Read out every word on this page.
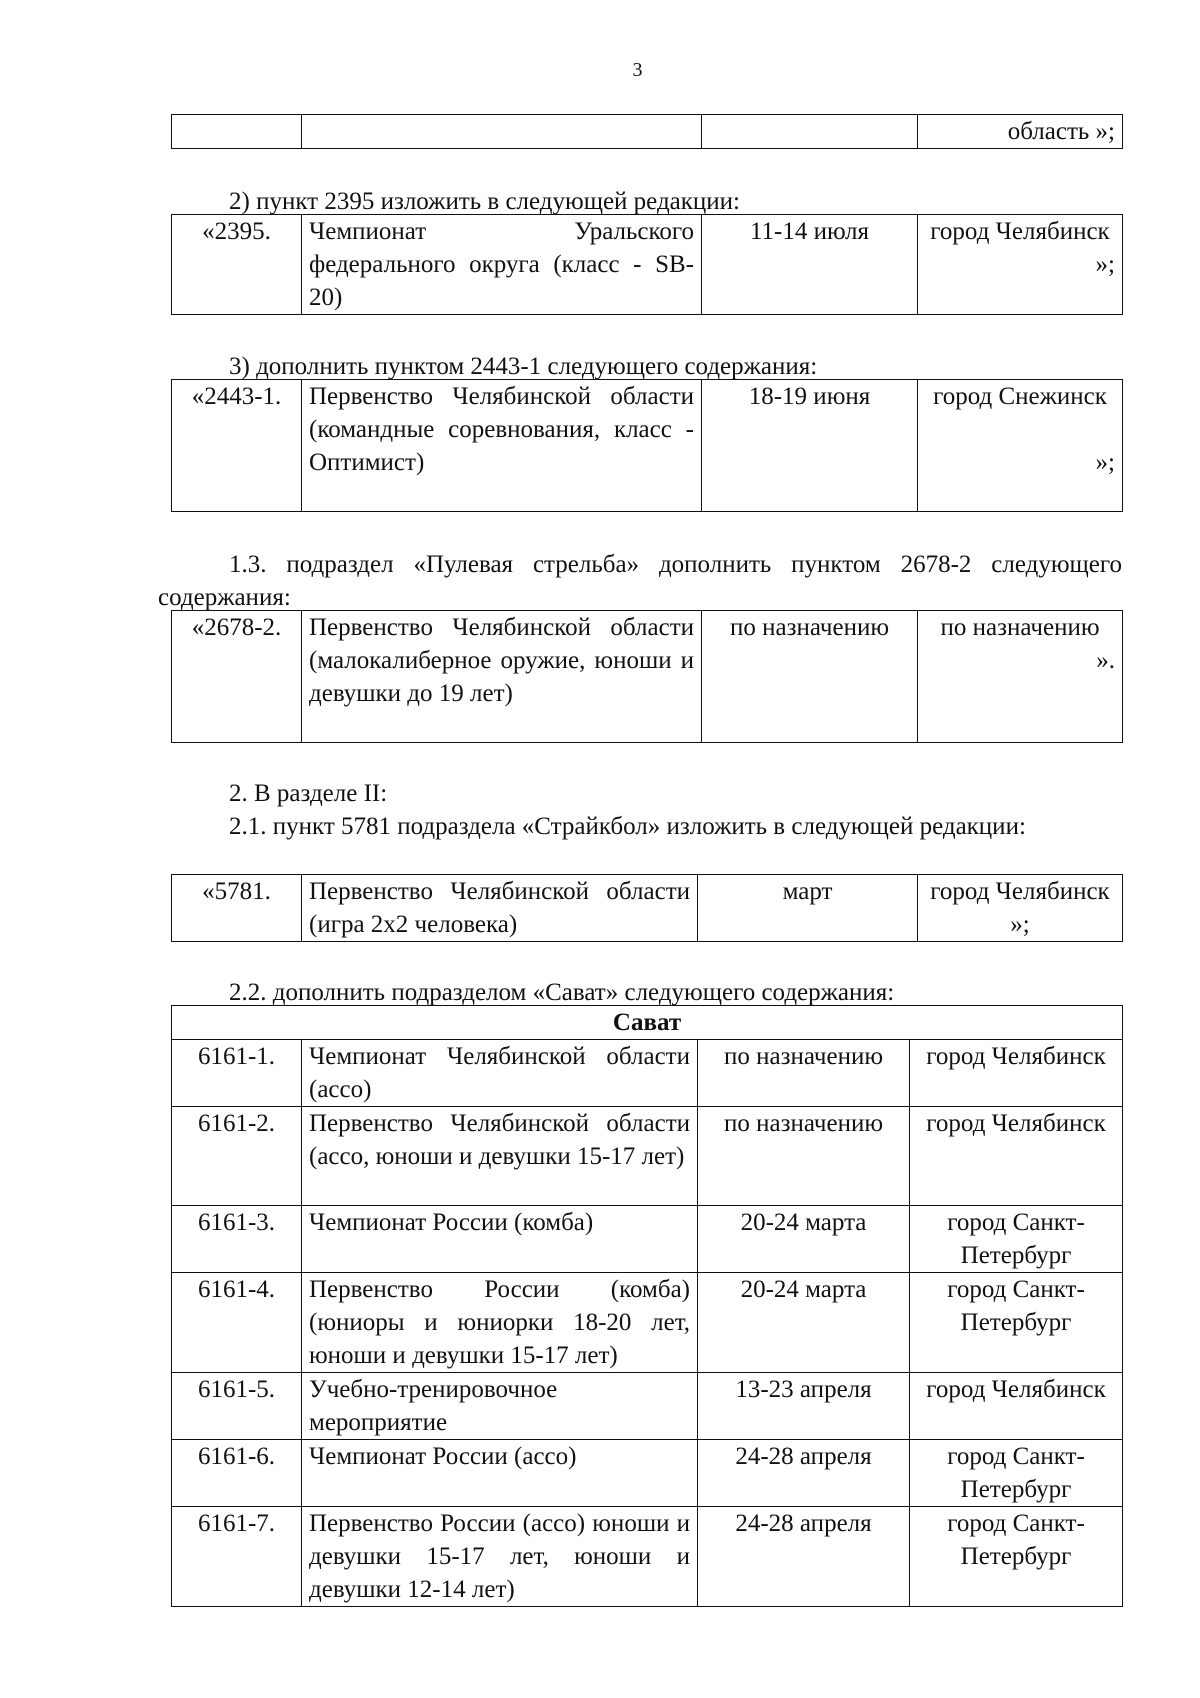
3
			область »;
2) пункт 2395 изложить в следующей редакции:
«2395.	Чемпионат Уральского федерального округа (класс - SB-20)	11-14 июля	город Челябинск
»;
3) дополнить пунктом 2443-1 следующего содержания:
«2443-1.	Первенство Челябинской области (командные соревнования, класс - Оптимист)	18-19 июня	город Снежинск

»;
1.3. подраздел «Пулевая стрельба» дополнить пунктом 2678-2 следующего содержания:
«2678-2.	Первенство Челябинской области (малокалиберное оружие, юноши и девушки до 19 лет)	по назначению	по назначению

».
2. В разделе II:
2.1. пункт 5781 подраздела «Страйкбол» изложить в следующей редакции:
«5781.	Первенство Челябинской области (игра 2х2 человека)	март	город Челябинск »;
2.2. дополнить подразделом «Сават» следующего содержания:
Сават			
6161-1.	Чемпионат Челябинской области (ассо)	по назначению	город Челябинск
6161-2.	Первенство Челябинской области (ассо, юноши и девушки 15-17 лет)	по назначению	город Челябинск
6161-3.	Чемпионат России (комба)	20-24 марта	город Санкт-Петербург
6161-4.	Первенство России (комба) (юниоры и юниорки 18-20 лет, юноши и девушки 15-17 лет)	20-24 марта	город Санкт-Петербург
6161-5.	Учебно-тренировочное мероприятие	13-23 апреля	город Челябинск
6161-6.	Чемпионат России (ассо)	24-28 апреля	город Санкт-Петербург
6161-7.	Первенство России (ассо) юноши и девушки 15-17 лет, юноши и девушки 12-14 лет)	24-28 апреля	город Санкт-Петербург
